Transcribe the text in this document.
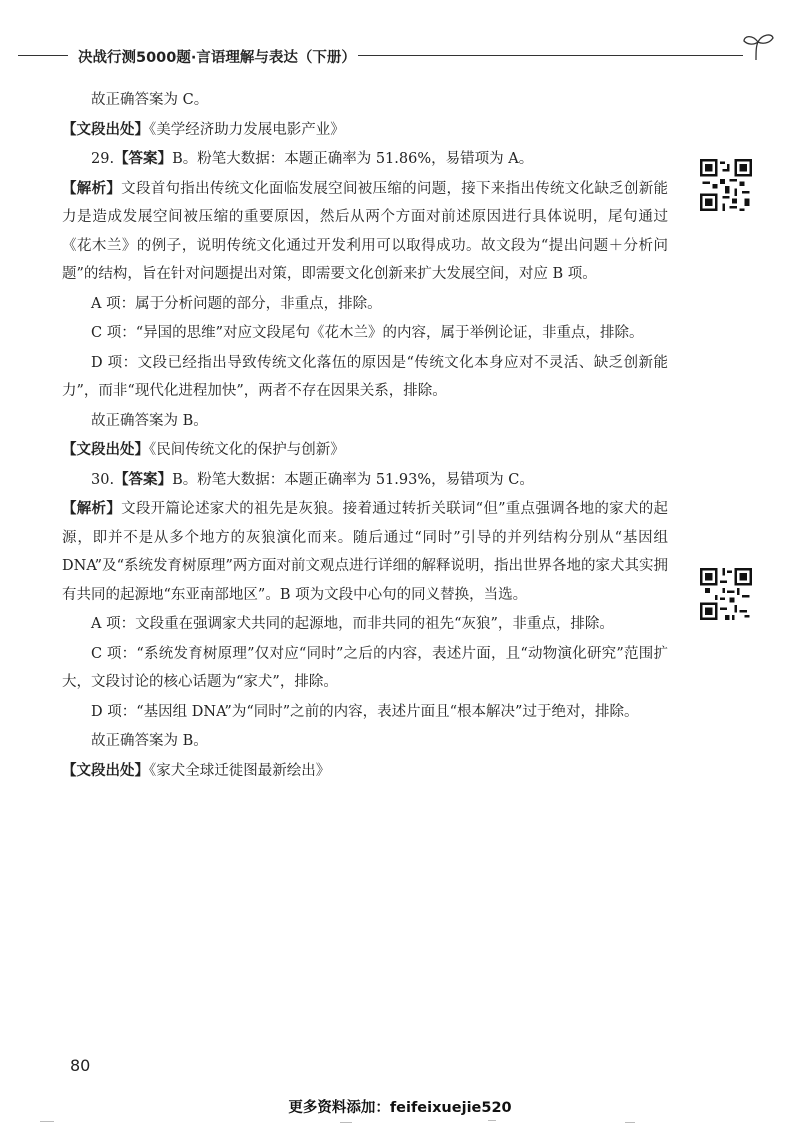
决战行测5000题·言语理解与表达（下册）

故正确答案为 C。

【文段出处】《美学经济助力发展电影产业》

29.【答案】B。粉笔大数据：本题正确率为 51.86%，易错项为 A。

【解析】文段首句指出传统文化面临发展空间被压缩的问题，接下来指出传统文化缺乏创新能力是造成发展空间被压缩的重要原因，然后从两个方面对前述原因进行具体说明，尾句通过《花木兰》的例子，说明传统文化通过开发利用可以取得成功。故文段为“提出问题＋分析问题”的结构，旨在针对问题提出对策，即需要文化创新来扩大发展空间，对应 B 项。

A 项：属于分析问题的部分，非重点，排除。

C 项：“异国的思维”对应文段尾句《花木兰》的内容，属于举例论证，非重点，排除。

D 项：文段已经指出导致传统文化落伍的原因是“传统文化本身应对不灵活、缺乏创新能力”，而非“现代化进程加快”，两者不存在因果关系，排除。

故正确答案为 B。

【文段出处】《民间传统文化的保护与创新》

30.【答案】B。粉笔大数据：本题正确率为 51.93%，易错项为 C。

【解析】文段开篇论述家犬的祖先是灰狼。接着通过转折关联词“但”重点强调各地的家犬的起源，即并不是从多个地方的灰狼演化而来。随后通过“同时”引导的并列结构分别从“基因组 DNA”及“系统发育树原理”两方面对前文观点进行详细的解释说明，指出世界各地的家犬其实拥有共同的起源地“东亚南部地区”。B 项为文段中心句的同义替换，当选。

A 项：文段重在强调家犬共同的起源地，而非共同的祖先“灰狼”，非重点，排除。

C 项：“系统发育树原理”仅对应“同时”之后的内容，表述片面，且“动物演化研究”范围扩大，文段讨论的核心话题为“家犬”，排除。

D 项：“基因组 DNA”为“同时”之前的内容，表述片面且“根本解决”过于绝对，排除。

故正确答案为 B。

【文段出处】《家犬全球迁徙图最新绘出》

80
更多资料添加：feifeixuejie520
